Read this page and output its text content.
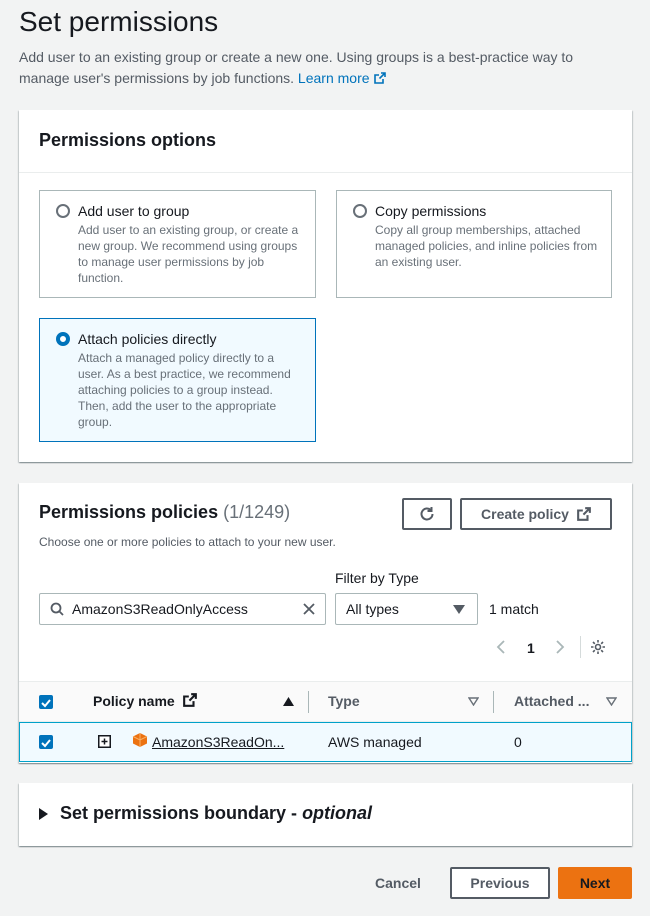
Set permissions

Add user to an existing group or create a new one. Using groups is a best-practice way to manage user's permissions by job functions. Learn more

Permissions options
Add user to group
Add user to an existing group, or create a new group. We recommend using groups to manage user permissions by job function.
Copy permissions
Copy all group memberships, attached managed policies, and inline policies from an existing user.
Attach policies directly
Attach a managed policy directly to a user. As a best practice, we recommend attaching policies to a group instead. Then, add the user to the appropriate group.
Permissions policies (1/1249)
Choose one or more policies to attach to your new user.
Create policy
AmazonS3ReadOnlyAccess
Filter by Type
All types	1 match
1
Policy name	Type	Attached ...
AmazonS3ReadOn...	AWS managed	0
Set permissions boundary - optional
Cancel	Previous	Next
